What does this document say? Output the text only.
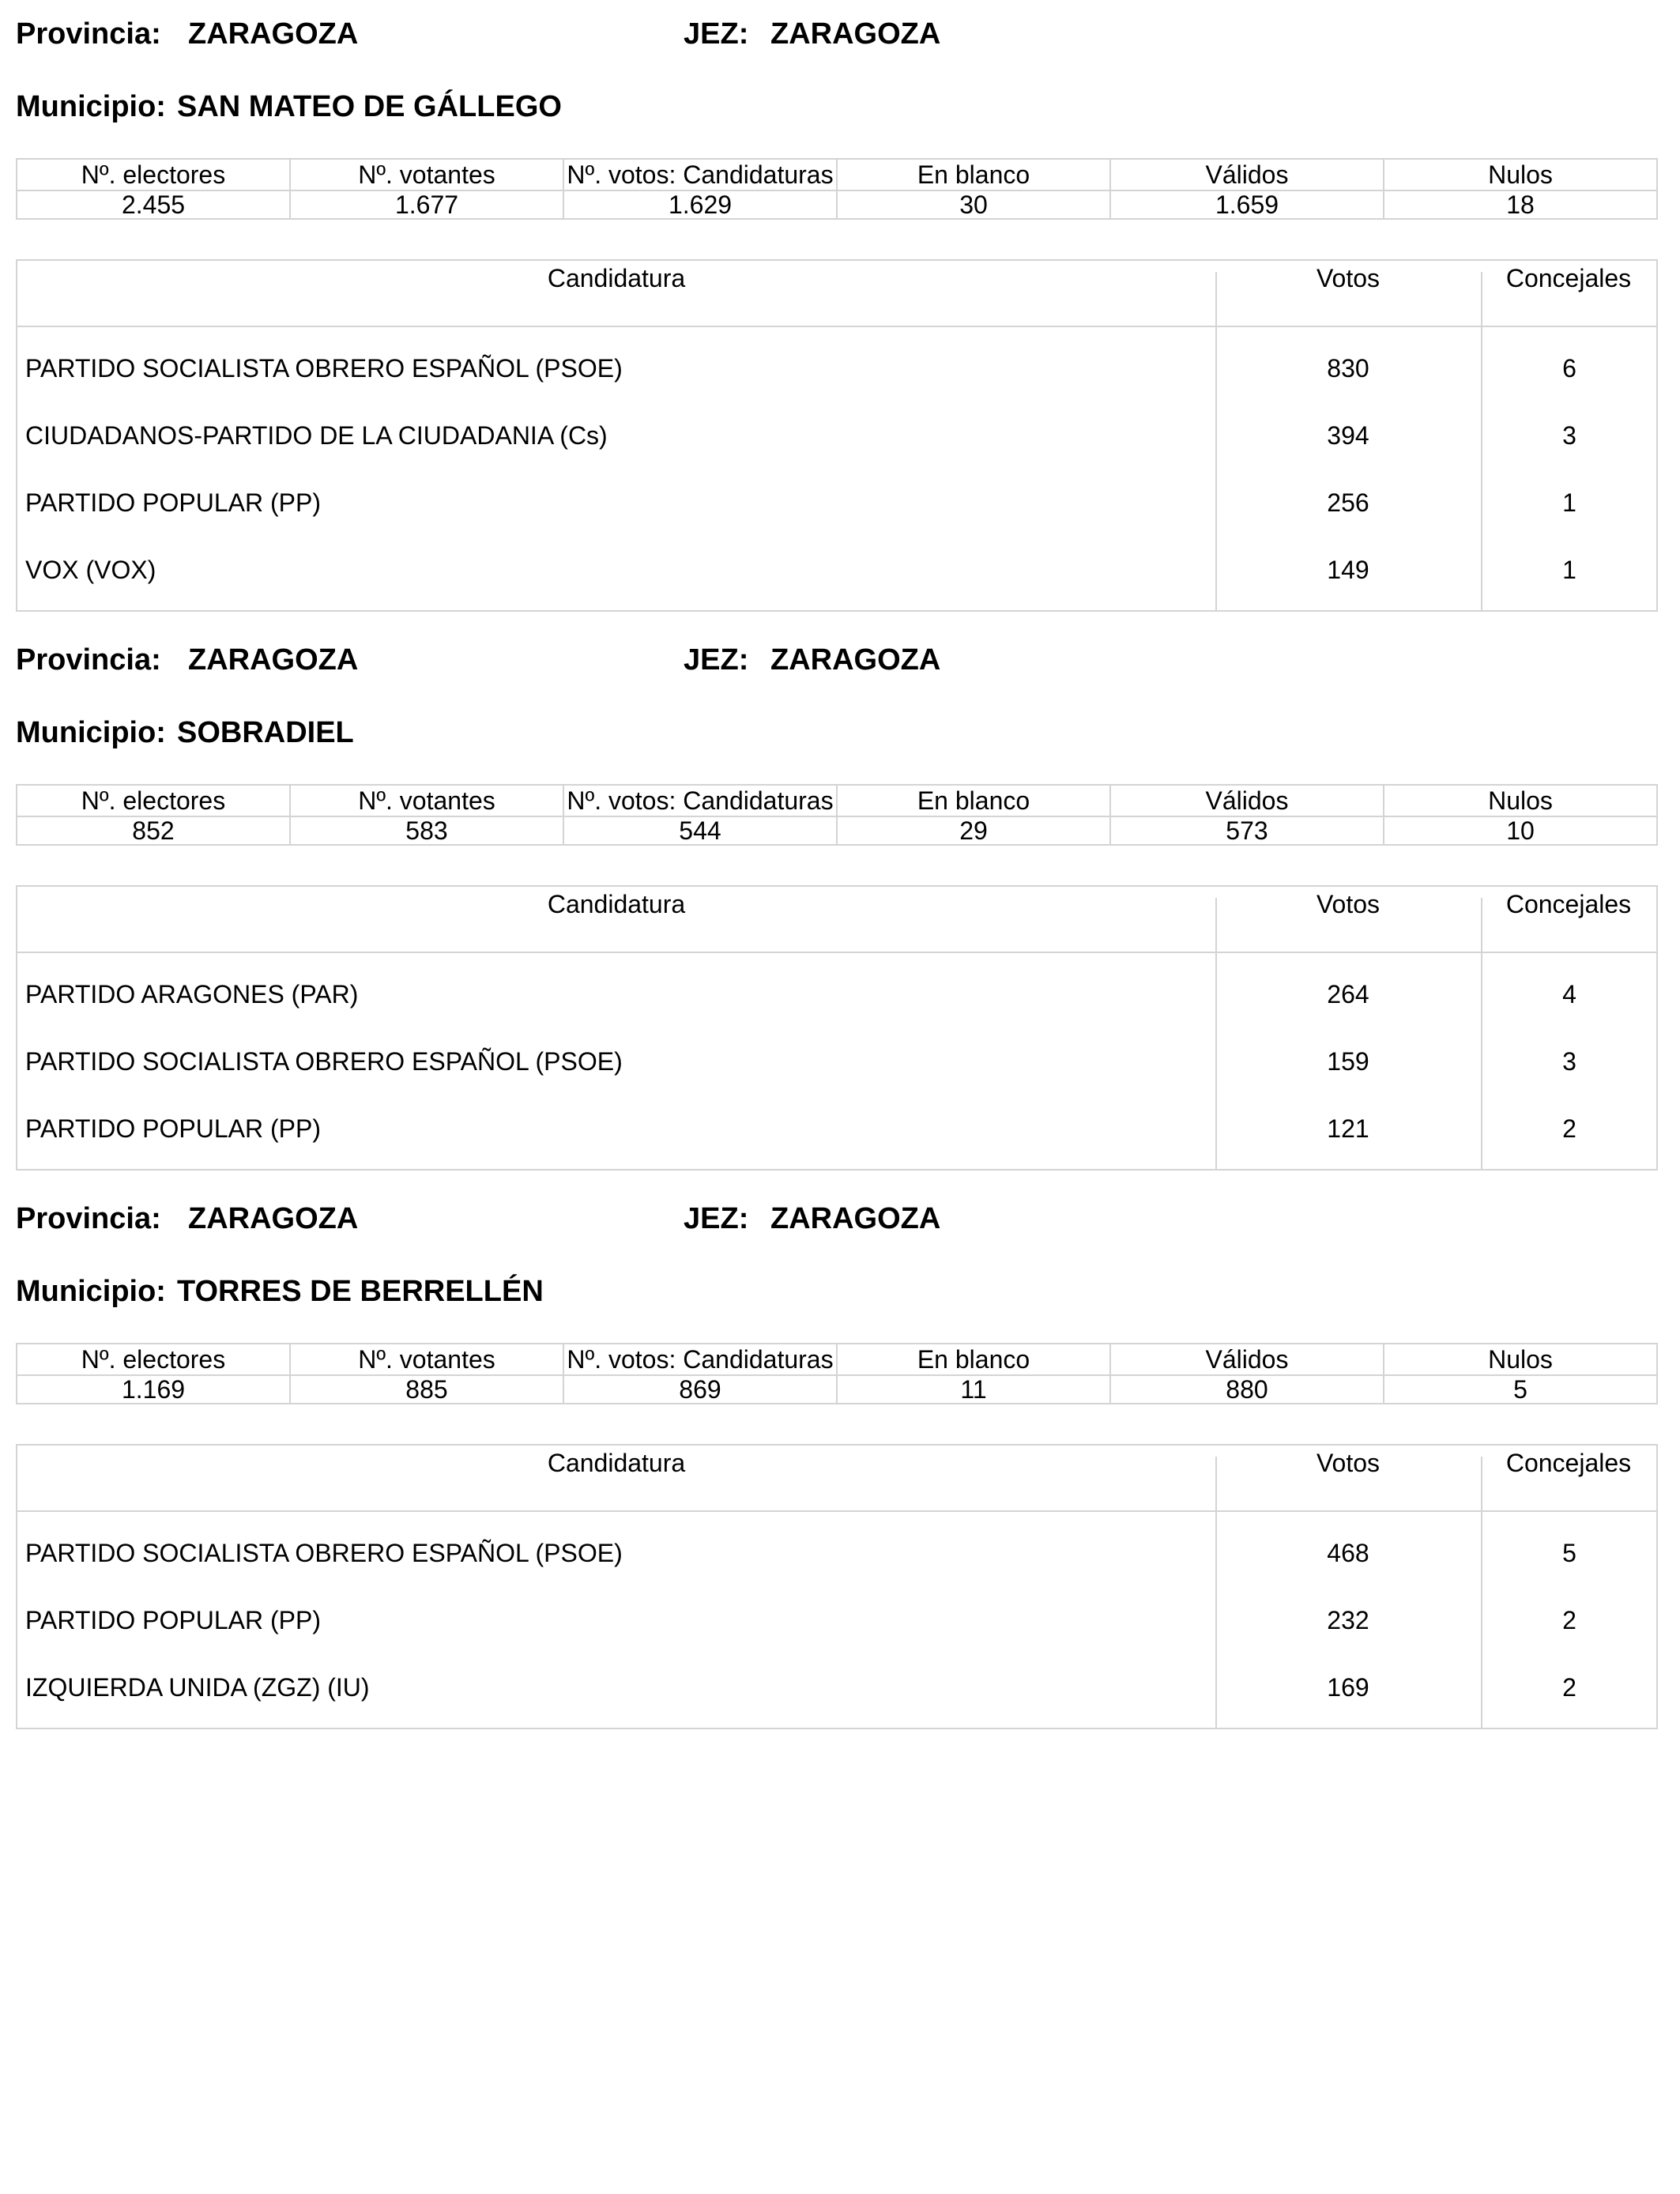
Provincia: ZARAGOZA	JEZ: ZARAGOZA
Municipio: SAN MATEO DE GÁLLEGO
Nº. electores	Nº. votantes	Nº. votos: Candidaturas	En blanco	Válidos	Nulos
2.455	1.677	1.629	30	1.659	18
Candidatura	Votos	Concejales
PARTIDO SOCIALISTA OBRERO ESPAÑOL (PSOE)	830	6
CIUDADANOS-PARTIDO DE LA CIUDADANIA (Cs)	394	3
PARTIDO POPULAR (PP)	256	1
VOX (VOX)	149	1
Provincia: ZARAGOZA	JEZ: ZARAGOZA
Municipio: SOBRADIEL
Nº. electores	Nº. votantes	Nº. votos: Candidaturas	En blanco	Válidos	Nulos
852	583	544	29	573	10
Candidatura	Votos	Concejales
PARTIDO ARAGONES (PAR)	264	4
PARTIDO SOCIALISTA OBRERO ESPAÑOL (PSOE)	159	3
PARTIDO POPULAR (PP)	121	2
Provincia: ZARAGOZA	JEZ: ZARAGOZA
Municipio: TORRES DE BERRELLÉN
Nº. electores	Nº. votantes	Nº. votos: Candidaturas	En blanco	Válidos	Nulos
1.169	885	869	11	880	5
Candidatura	Votos	Concejales
PARTIDO SOCIALISTA OBRERO ESPAÑOL (PSOE)	468	5
PARTIDO POPULAR (PP)	232	2
IZQUIERDA UNIDA (ZGZ) (IU)	169	2
